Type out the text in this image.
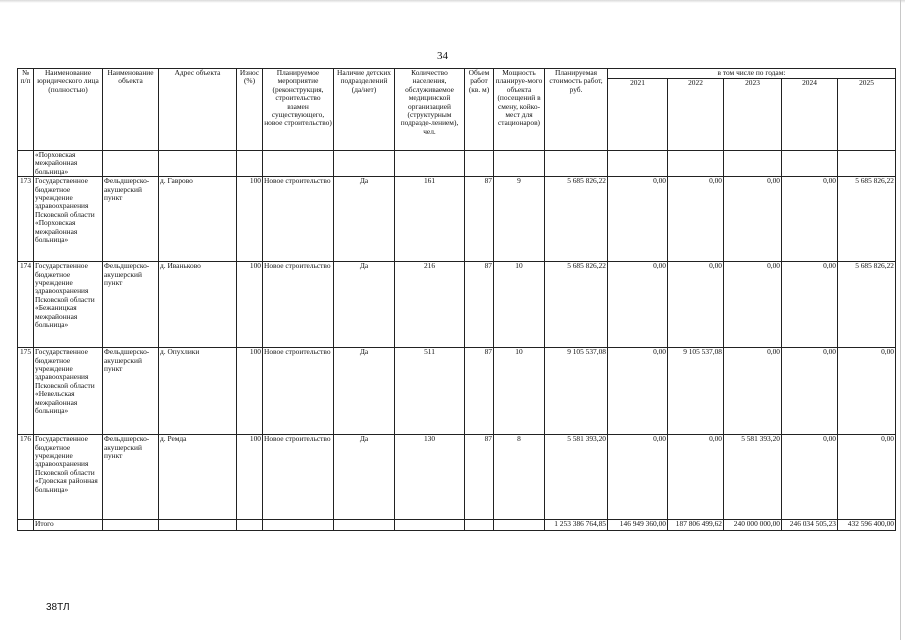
34
№ п/п	Наименование юридического лица (полностью)	Наименование объекта	Адрес объекта	Износ (%)	Планируемое мероприятие (реконструкция, строительство взамен существующего, новое строительство)	Наличие детских подразделений (да/нет)	Количество населения, обслуживаемое медицинской организацией (структурным подразде-лением), чел.	Объем работ (кв. м)	Мощность планируе-мого объекта (посещений в смену, койко-мест для стационаров)	Планируемая стоимость работ, руб.	в том числе по годам:				
											2021	2022	2023	2024	2025
	«Порховская межрайонная больница»														
173	Государственное бюджетное учреждение здравоохранения Псковской области «Порховская межрайонная больница»	Фельдшерско-акушерский пункт	д. Гаврово	100	Новое строительство	Да	161	87	9	5 685 826,22	0,00	0,00	0,00	0,00	5 685 826,22
174	Государственное бюджетное учреждение здравоохранения Псковской области «Бежаницкая межрайонная больница»	Фельдшерско-акушерский пункт	д. Иваньково	100	Новое строительство	Да	216	87	10	5 685 826,22	0,00	0,00	0,00	0,00	5 685 826,22
175	Государственное бюджетное учреждение здравоохранения Псковской области «Невельская межрайонная больница»	Фельдшерско-акушерский пункт	д. Опухлики	100	Новое строительство	Да	511	87	10	9 105 537,08	0,00	9 105 537,08	0,00	0,00	0,00
176	Государственное бюджетное учреждение здравоохранения Псковской области «Гдовская районная больница»	Фельдшерско-акушерский пункт	д. Ремда	100	Новое строительство	Да	130	87	8	5 581 393,20	0,00	0,00	5 581 393,20	0,00	0,00
	Итого									1 253 386 764,85	146 949 360,00	187 806 499,62	240 000 000,00	246 034 505,23	432 596 400,00
38ТЛ
